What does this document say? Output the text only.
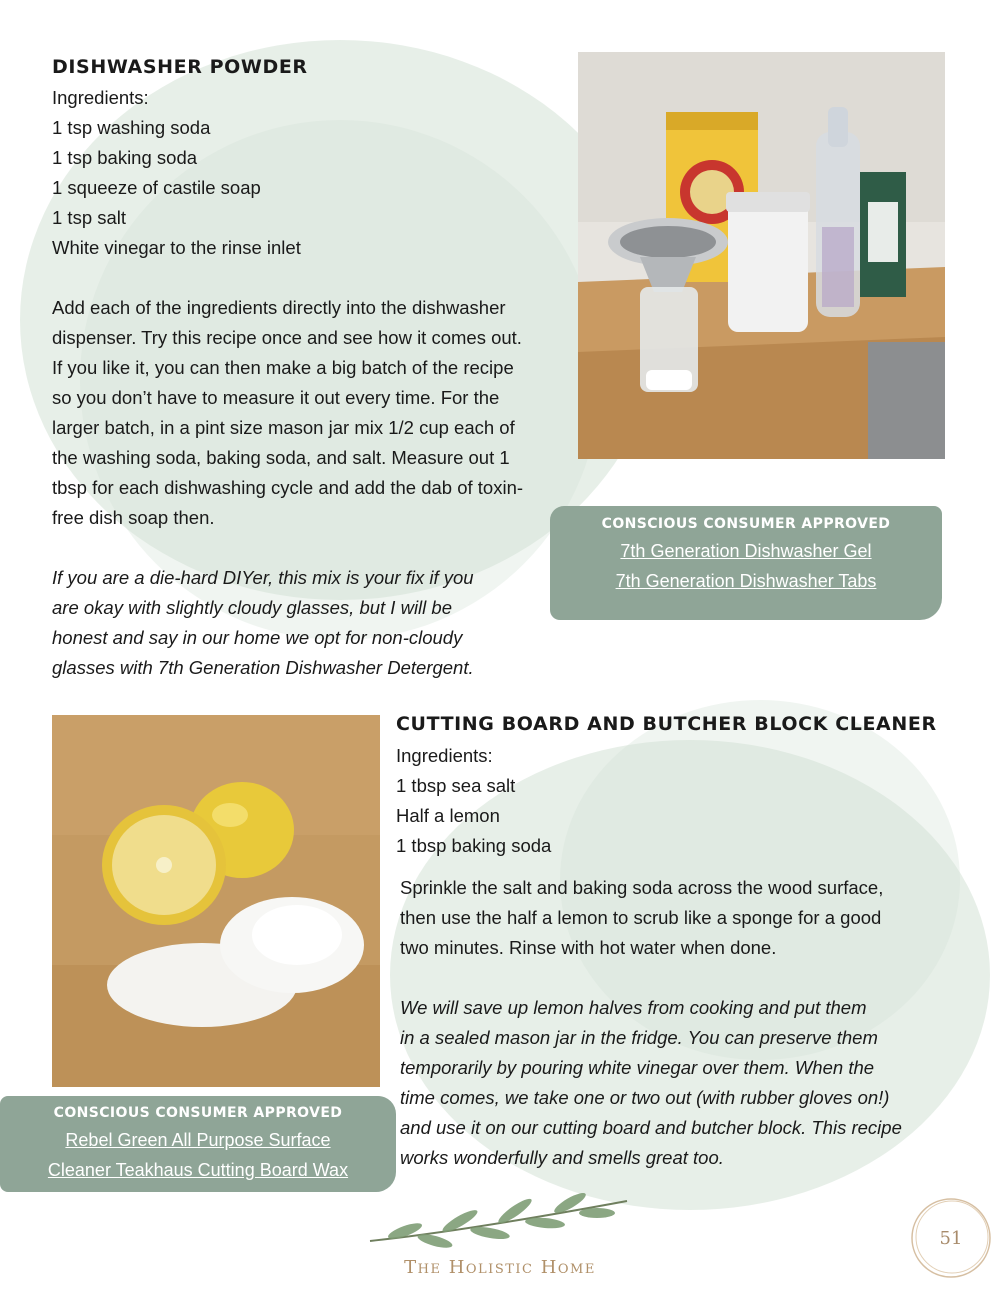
DISHWASHER POWDER
Ingredients:
1 tsp washing soda
1 tsp baking soda
1 squeeze of castile soap
1 tsp salt
White vinegar to the rinse inlet
Add each of the ingredients directly into the dishwasher
dispenser. Try this recipe once and see how it comes out.
If you like it, you can then make a big batch of the recipe
so you don’t have to measure it out every time. For the
larger batch, in a pint size mason jar mix 1/2 cup each of
the washing soda, baking soda, and salt. Measure out 1
tbsp for each dishwashing cycle and add the dab of toxin-
free dish soap then.
If you are a die-hard DIYer, this mix is your fix if you
are okay with slightly cloudy glasses, but I will be
honest and say in our home we opt for non-cloudy
glasses with 7th Generation Dishwasher Detergent.
CONSCIOUS CONSUMER APPROVED
7th Generation Dishwasher Gel
7th Generation Dishwasher Tabs
CUTTING BOARD AND BUTCHER BLOCK CLEANER
Ingredients:
1 tbsp sea salt
Half a lemon
1 tbsp baking soda
Sprinkle the salt and baking soda across the wood surface,
then use the half a lemon to scrub like a sponge for a good
two minutes. Rinse with hot water when done.
We will save up lemon halves from cooking and put them
in a sealed mason jar in the fridge. You can preserve them
temporarily by pouring white vinegar over them. When the
time comes, we take one or two out (with rubber gloves on!)
and use it on our cutting board and butcher block. This recipe
works wonderfully and smells great too.
CONSCIOUS CONSUMER APPROVED
Rebel Green All Purpose Surface
Cleaner Teakhaus Cutting Board Wax
The Holistic Home
51
